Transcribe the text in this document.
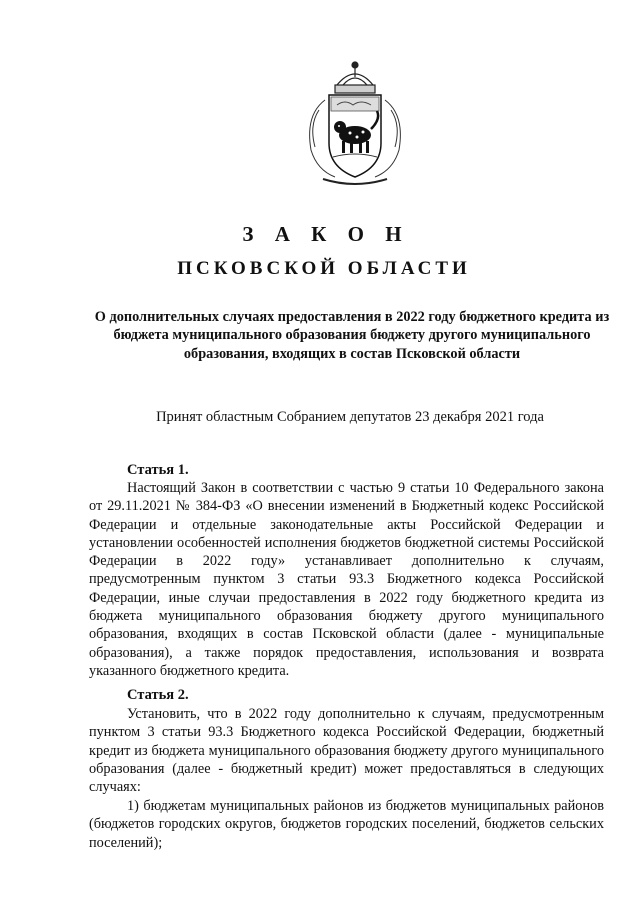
З А К О Н
ПСКОВСКОЙ ОБЛАСТИ
О дополнительных случаях предоставления в 2022 году бюджетного кредита из бюджета муниципального образования бюджету другого муниципального образования, входящих в состав Псковской области
Принят областным Собранием депутатов 23 декабря 2021 года
Статья 1.
Настоящий Закон в соответствии с частью 9 статьи 10 Федерального закона от 29.11.2021 № 384-ФЗ «О внесении изменений в Бюджетный кодекс Российской Федерации и отдельные законодательные акты Российской Федерации и установлении особенностей исполнения бюджетов бюджетной системы Российской Федерации в 2022 году» устанавливает дополнительно к случаям, предусмотренным пунктом 3 статьи 93.3 Бюджетного кодекса Российской Федерации, иные случаи предоставления в 2022 году бюджетного кредита из бюджета муниципального образования бюджету другого муниципального образования, входящих в состав Псковской области (далее - муниципальные образования), а также порядок предоставления, использования и возврата указанного бюджетного кредита.
Статья 2.
Установить, что в 2022 году дополнительно к случаям, предусмотренным пунктом 3 статьи 93.3 Бюджетного кодекса Российской Федерации, бюджетный кредит из бюджета муниципального образования бюджету другого муниципального образования (далее - бюджетный кредит) может предоставляться в следующих случаях:
1) бюджетам муниципальных районов из бюджетов муниципальных районов (бюджетов городских округов, бюджетов городских поселений, бюджетов сельских поселений);
